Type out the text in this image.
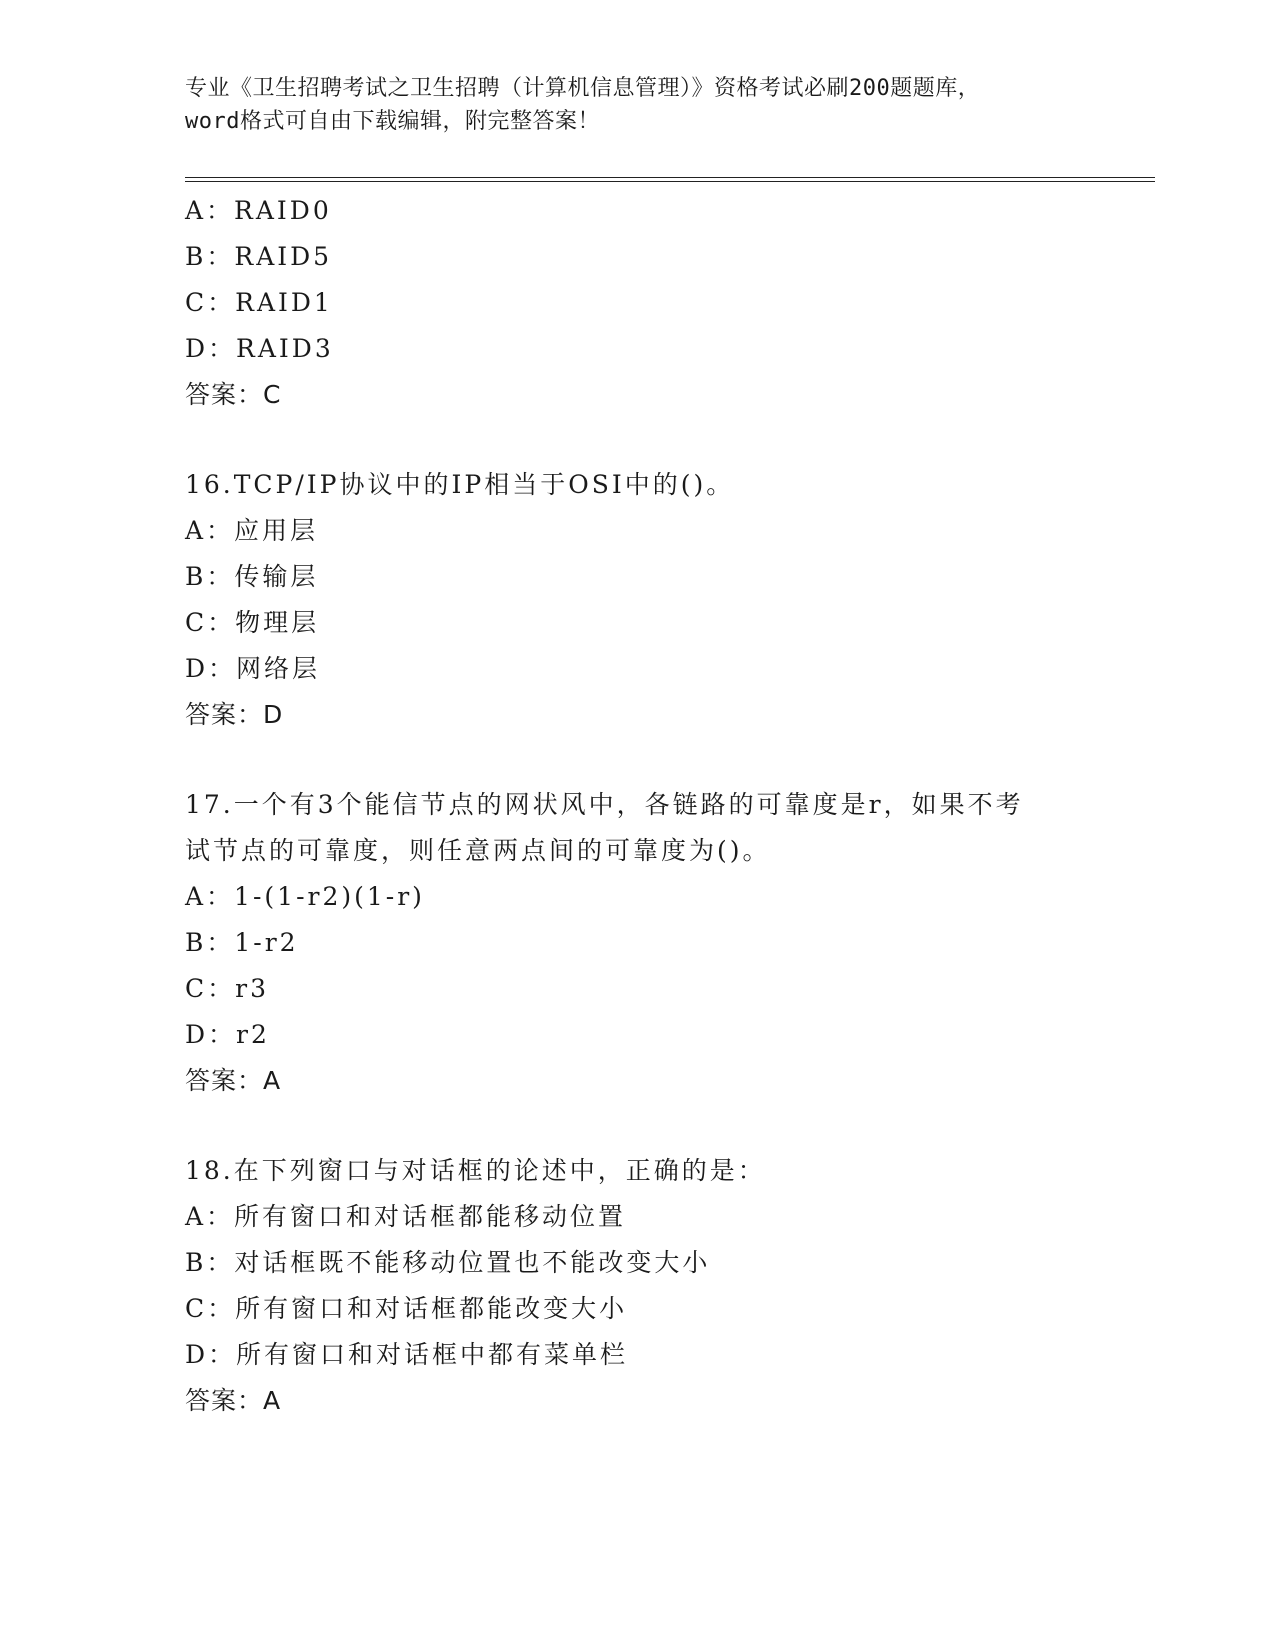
专业《卫生招聘考试之卫生招聘（计算机信息管理）》资格考试必刷200题题库，
word格式可自由下载编辑，附完整答案！
A：RAID0
B：RAID5
C：RAID1
D：RAID3
答案：C
16.TCP/IP协议中的IP相当于OSI中的()。
A：应用层
B：传输层
C：物理层
D：网络层
答案：D
17.一个有3个能信节点的网状风中，各链路的可靠度是r，如果不考试节点的可靠度，则任意两点间的可靠度为()。
A：1-(1-r2)(1-r)
B：1-r2
C：r3
D：r2
答案：A
18.在下列窗口与对话框的论述中，正确的是：
A：所有窗口和对话框都能移动位置
B：对话框既不能移动位置也不能改变大小
C：所有窗口和对话框都能改变大小
D：所有窗口和对话框中都有菜单栏
答案：A
